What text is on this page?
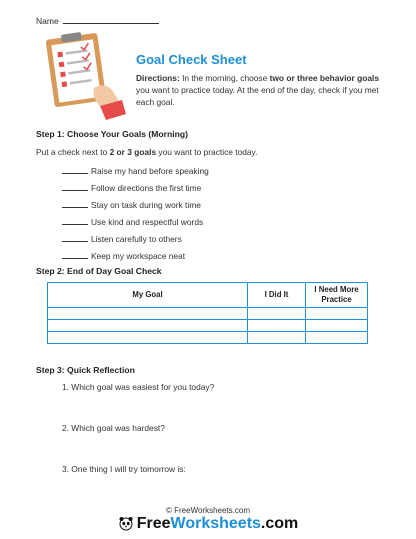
Name
Goal Check Sheet
Directions: In the morning, choose two or three behavior goals you want to practice today. At the end of the day, check if you met each goal.
Step 1: Choose Your Goals (Morning)
Put a check next to 2 or 3 goals you want to practice today.
Raise my hand before speaking
Follow directions the first time
Stay on task during work time
Use kind and respectful words
Listen carefully to others
Keep my workspace neat
Step 2: End of Day Goal Check
My Goal	I Did It	I Need More Practice

Step 3: Quick Reflection
1. Which goal was easiest for you today?
2. Which goal was hardest?
3. One thing I will try tomorrow is:
© FreeWorksheets.com
FreeWorksheets.com
